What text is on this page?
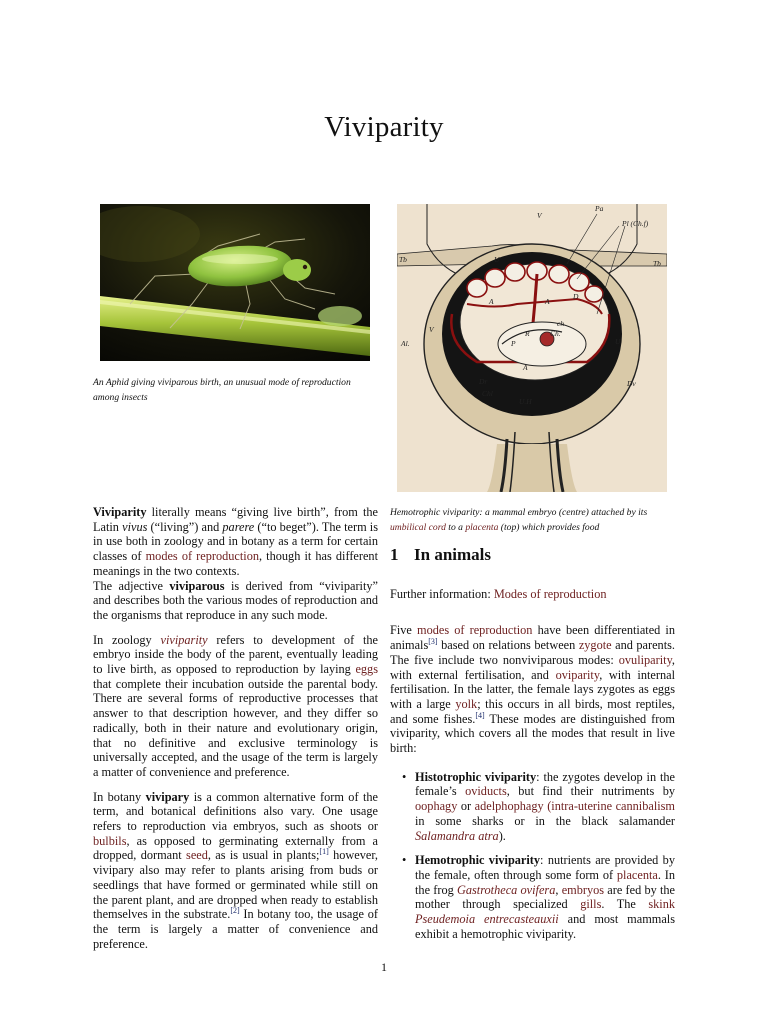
Viviparity

An Aphid giving viviparous birth, an unusual mode of reproduction among insects

Pa
Pl (Ch.f)
Tb	Tb
V
V
U
U
A	A
A
D
Al.
Dr
Ch.
Chl
U.H
Dv
P
ch
R

Hemotrophic viviparity: a mammal embryo (centre) attached by its umbilical cord to a placenta (top) which provides food

Viviparity literally means “giving live birth”, from the Latin vivus (“living”) and parere (“to beget”). The term is in use both in zoology and in botany as a term for certain classes of modes of reproduction, though it has different meanings in the two contexts.

The adjective viviparous is derived from “viviparity” and describes both the various modes of reproduction and the organisms that reproduce in any such mode.

In zoology viviparity refers to development of the embryo inside the body of the parent, eventually leading to live birth, as opposed to reproduction by laying eggs that complete their incubation outside the parental body. There are several forms of reproductive processes that answer to that description however, and they differ so radically, both in their nature and evolutionary origin, that no definitive and exclusive terminology is universally accepted, and the usage of the term is largely a matter of convenience and preference.

In botany vivipary is a common alternative form of the term, and botanical definitions also vary. One usage refers to reproduction via embryos, such as shoots or bulbils, as opposed to germinating externally from a dropped, dormant seed, as is usual in plants;[1] however, vivipary also may refer to plants arising from buds or seedlings that have formed or germinated while still on the parent plant, and are dropped when ready to establish themselves in the substrate.[2] In botany too, the usage of the term is largely a matter of convenience and preference.

1 In animals

Further information: Modes of reproduction

Five modes of reproduction have been differentiated in animals[3] based on relations between zygote and parents. The five include two nonviviparous modes: ovuliparity, with external fertilisation, and oviparity, with internal fertilisation. In the latter, the female lays zygotes as eggs with a large yolk; this occurs in all birds, most reptiles, and some fishes.[4] These modes are distinguished from viviparity, which covers all the modes that result in live birth:

• Histotrophic viviparity: the zygotes develop in the female’s oviducts, but find their nutriments by oophagy or adelphophagy (intra-uterine cannibalism in some sharks or in the black salamander Salamandra atra).
• Hemotrophic viviparity: nutrients are provided by the female, often through some form of placenta. In the frog Gastrotheca ovifera, embryos are fed by the mother through specialized gills. The skink Pseudemoia entrecasteauxii and most mammals exhibit a hemotrophic viviparity.
1
